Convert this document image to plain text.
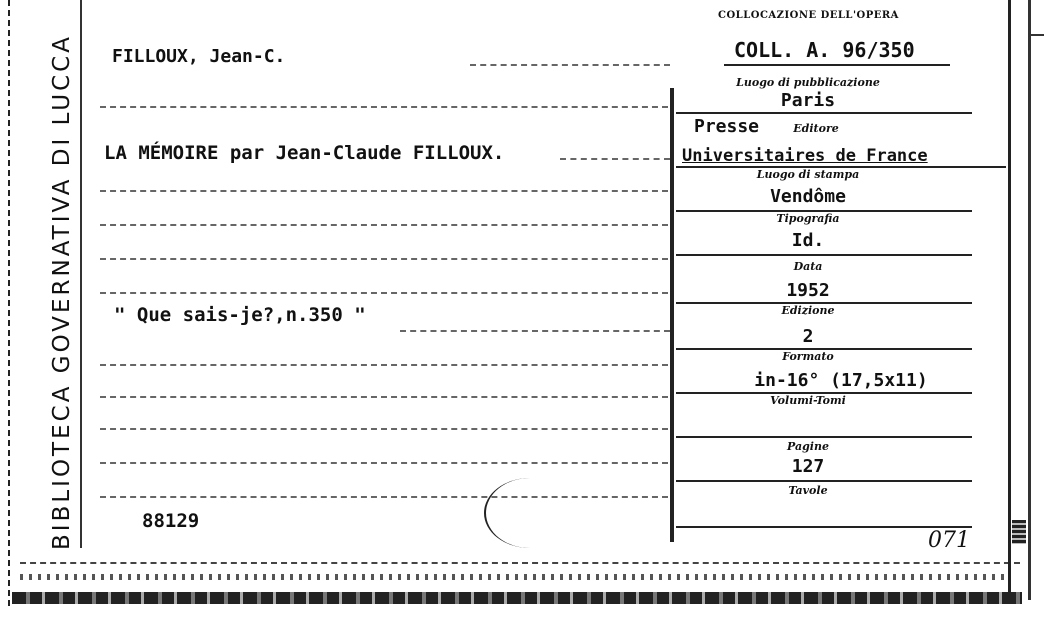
BIBLIOTECA GOVERNATIVA DI LUCCA FILLOUX, Jean-C.
LA MÉMOIRE par Jean-Claude FILLOUX.
" Que sais-je?,n.350 "
88129
COLLOCAZIONE DELL'OPERA
COLL. A. 96/350
Luogo di pubblicazione
Paris
Presse	Editore
Universitaires de France
Luogo di stampa
Vendôme
Tipografia
Id.
Data
1952
Edizione
2
Formato
in-16° (17,5x11)
Volumi-Tomi
Pagine
127
Tavole
071
